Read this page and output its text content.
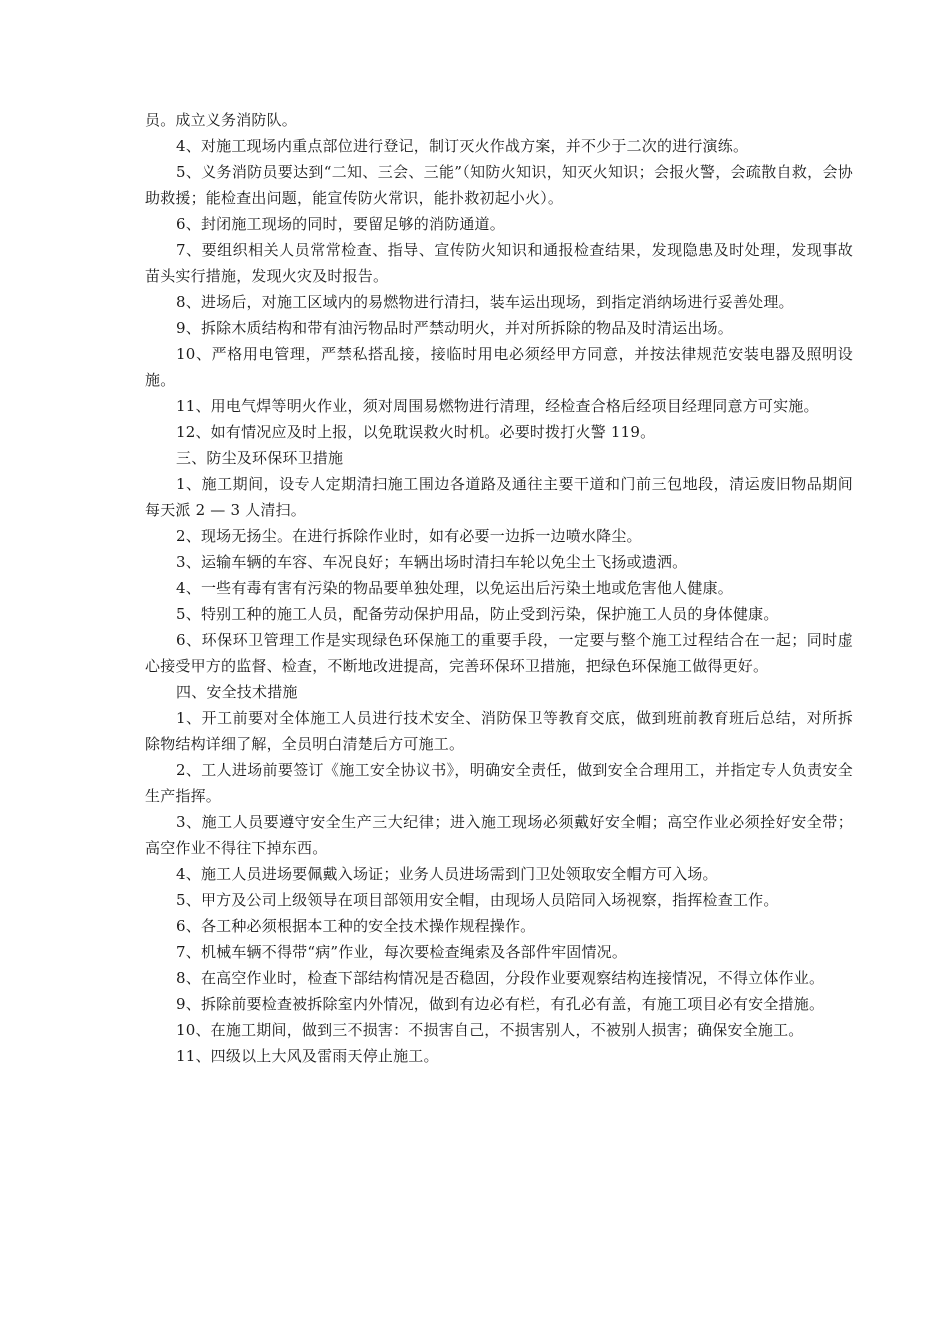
员。成立义务消防队。

4、对施工现场内重点部位进行登记，制订灭火作战方案，并不少于二次的进行演练。

5、义务消防员要达到“二知、三会、三能”（知防火知识，知灭火知识；会报火警，会疏散自救，会协助救援；能检查出问题，能宣传防火常识，能扑救初起小火）。

6、封闭施工现场的同时，要留足够的消防通道。

7、要组织相关人员常常检查、指导、宣传防火知识和通报检查结果，发现隐患及时处理，发现事故苗头实行措施，发现火灾及时报告。

8、进场后，对施工区域内的易燃物进行清扫，装车运出现场，到指定消纳场进行妥善处理。

9、拆除木质结构和带有油污物品时严禁动明火，并对所拆除的物品及时清运出场。

10、严格用电管理，严禁私搭乱接，接临时用电必须经甲方同意，并按法律规范安装电器及照明设施。

11、用电气焊等明火作业，须对周围易燃物进行清理，经检查合格后经项目经理同意方可实施。

12、如有情况应及时上报，以免耽误救火时机。必要时拨打火警 119。

三、防尘及环保环卫措施

1、施工期间，设专人定期清扫施工围边各道路及通往主要干道和门前三包地段，清运废旧物品期间每天派 2 — 3 人清扫。

2、现场无扬尘。在进行拆除作业时，如有必要一边拆一边喷水降尘。

3、运输车辆的车容、车况良好；车辆出场时清扫车轮以免尘土飞扬或遗洒。

4、一些有毒有害有污染的物品要单独处理，以免运出后污染土地或危害他人健康。

5、特别工种的施工人员，配备劳动保护用品，防止受到污染，保护施工人员的身体健康。

6、环保环卫管理工作是实现绿色环保施工的重要手段，一定要与整个施工过程结合在一起；同时虚心接受甲方的监督、检查，不断地改进提高，完善环保环卫措施，把绿色环保施工做得更好。

四、安全技术措施

1、开工前要对全体施工人员进行技术安全、消防保卫等教育交底，做到班前教育班后总结，对所拆除物结构详细了解，全员明白清楚后方可施工。

2、工人进场前要签订《施工安全协议书》，明确安全责任，做到安全合理用工，并指定专人负责安全生产指挥。

3、施工人员要遵守安全生产三大纪律；进入施工现场必须戴好安全帽；高空作业必须拴好安全带；高空作业不得往下掉东西。

4、施工人员进场要佩戴入场证；业务人员进场需到门卫处领取安全帽方可入场。

5、甲方及公司上级领导在项目部领用安全帽，由现场人员陪同入场视察，指挥检查工作。

6、各工种必须根据本工种的安全技术操作规程操作。

7、机械车辆不得带“病”作业，每次要检查绳索及各部件牢固情况。

8、在高空作业时，检查下部结构情况是否稳固，分段作业要观察结构连接情况，不得立体作业。

9、拆除前要检查被拆除室内外情况，做到有边必有栏，有孔必有盖，有施工项目必有安全措施。

10、在施工期间，做到三不损害：不损害自己，不损害别人，不被别人损害；确保安全施工。

11、四级以上大风及雷雨天停止施工。
